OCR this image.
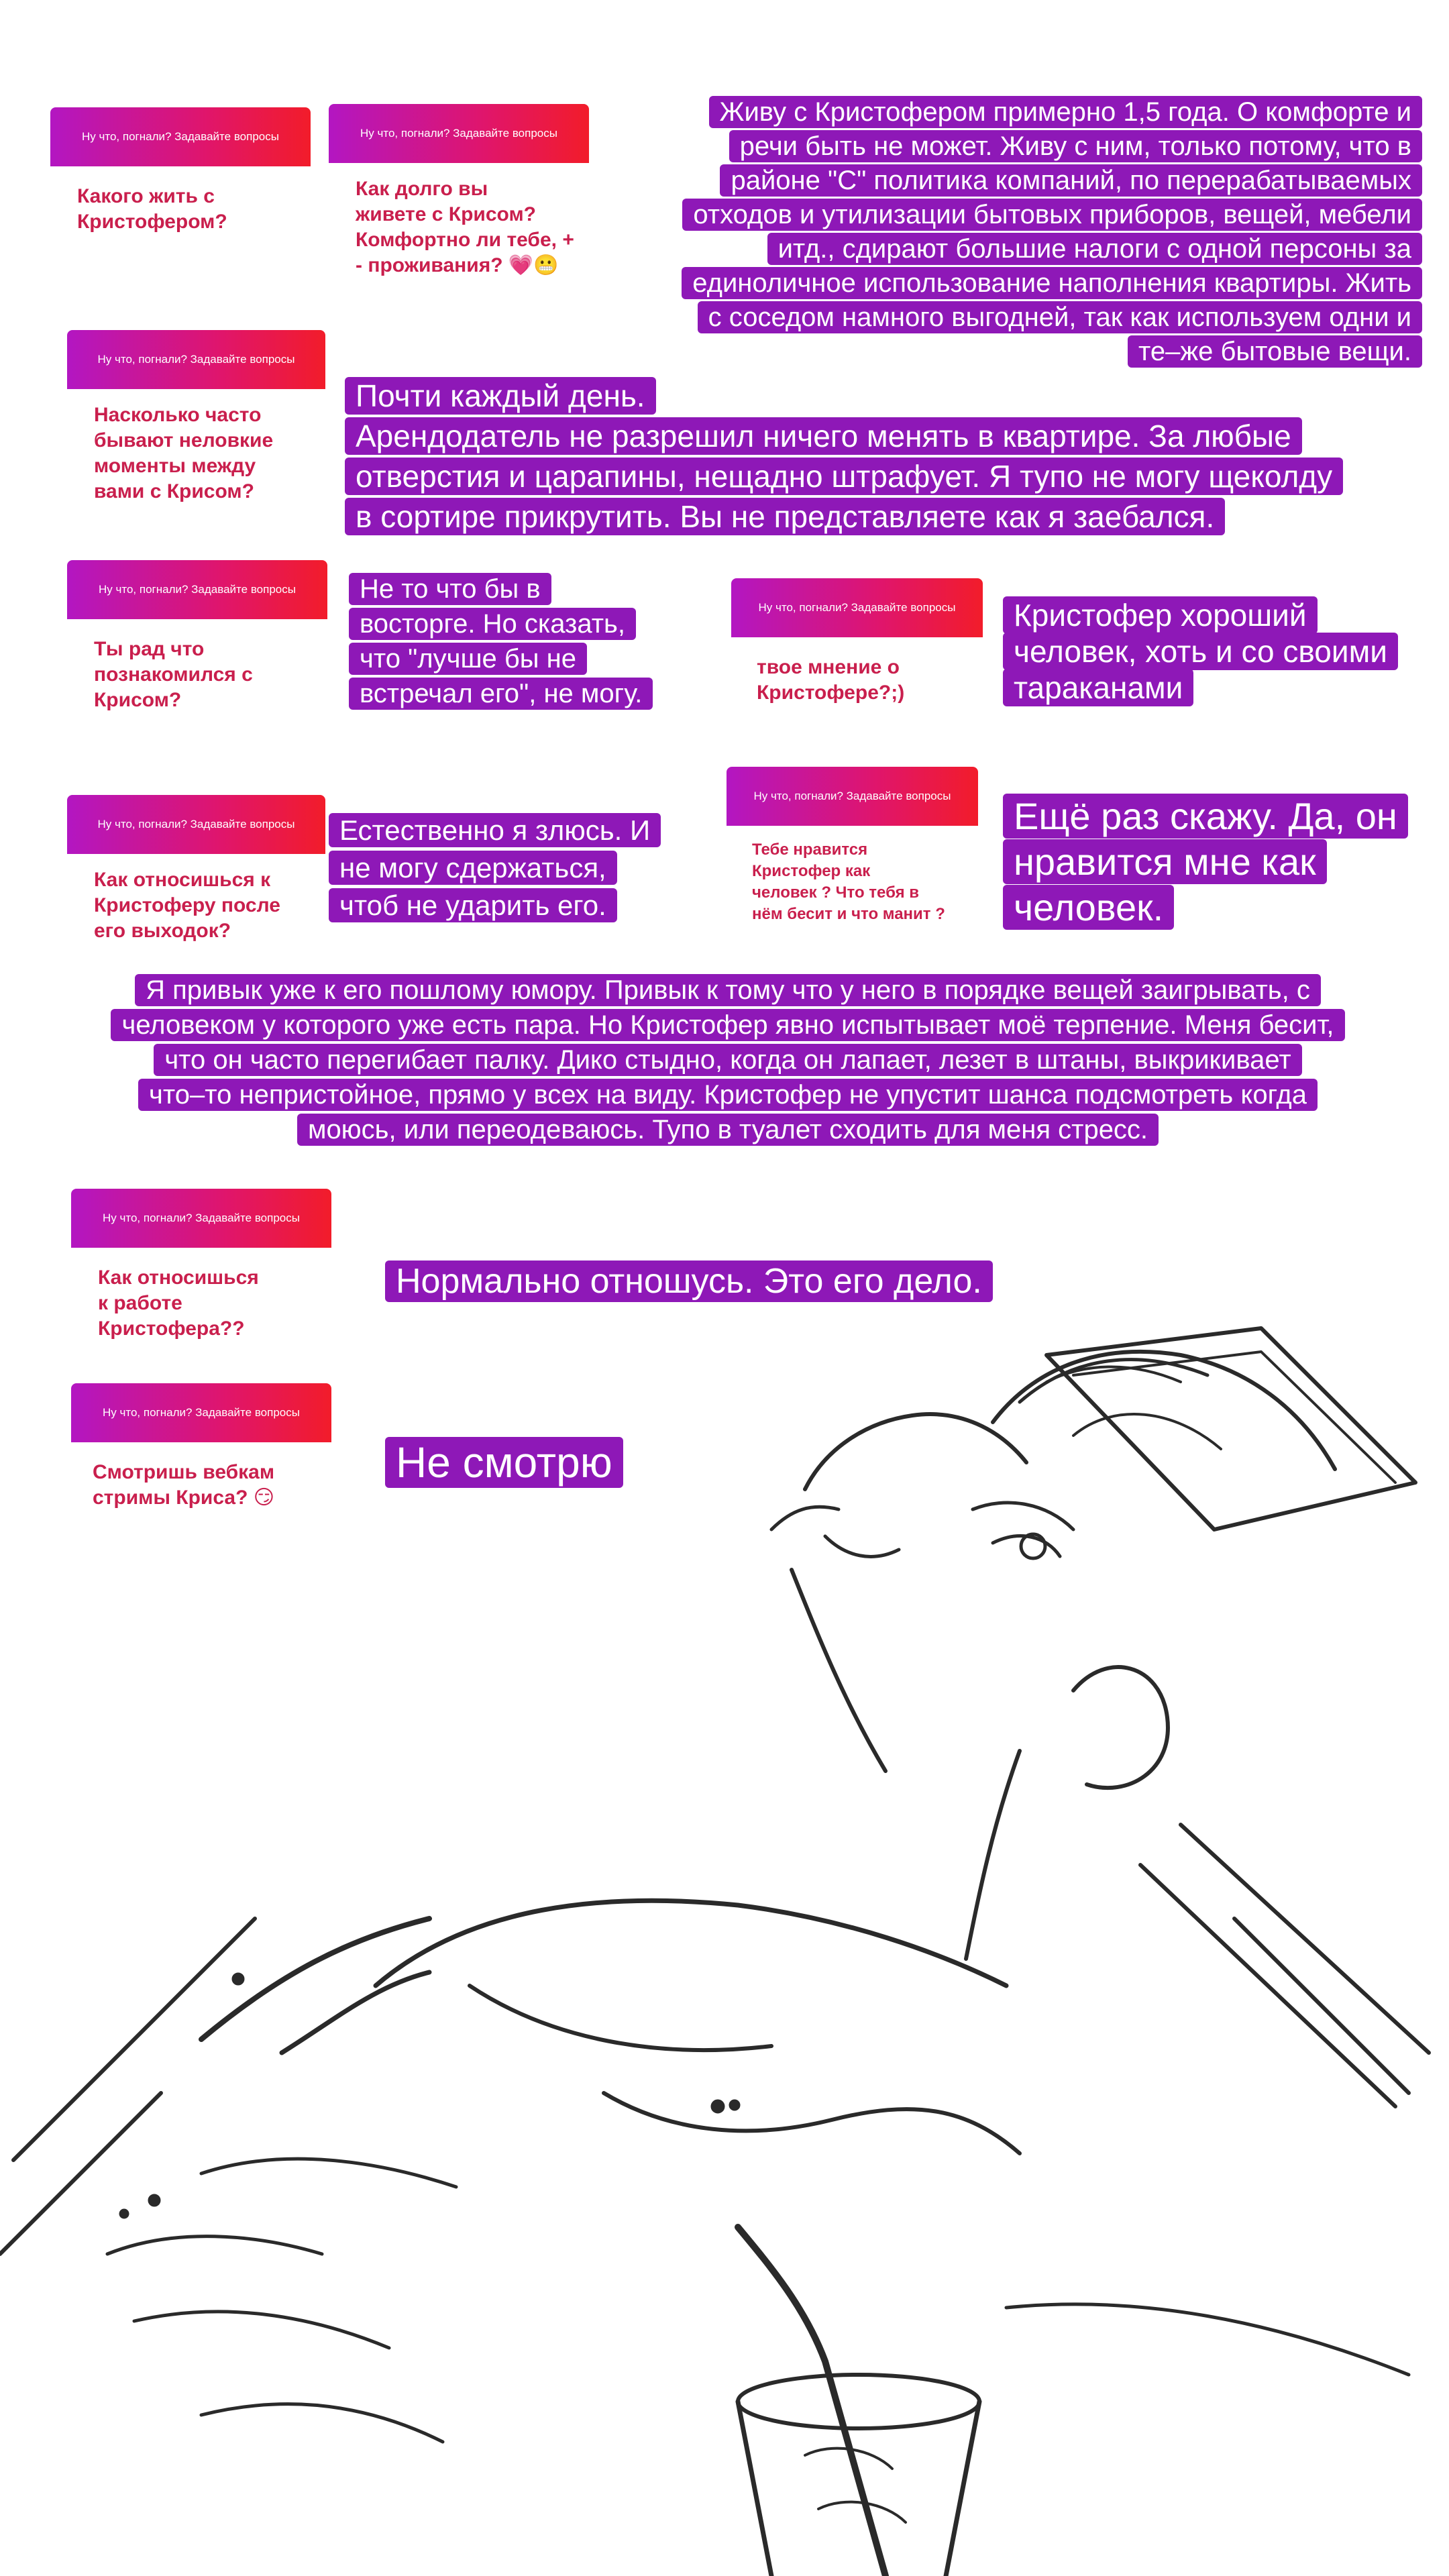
Ну что, погнали? Задавайте вопросы
Какого жить с
Кристофером?
Ну что, погнали? Задавайте вопросы
Как долго вы
живете с Крисом?
Комфортно ли тебе, +
- проживания? 💗😬
Ну что, погнали? Задавайте вопросы
Насколько часто
бывают неловкие
моменты между
вами с Крисом?
Ну что, погнали? Задавайте вопросы
Ты рад что
познакомился с
Крисом?
Ну что, погнали? Задавайте вопросы
твое мнение о
Кристофере?;)
Ну что, погнали? Задавайте вопросы
Как относишься к
Кристоферу после
его выходок?
Ну что, погнали? Задавайте вопросы
Тебе нравится
Кристофер как
человек ? Что тебя в
нём бесит и что манит ?
Ну что, погнали? Задавайте вопросы
Как относишься
к работе
Кристофера??
Ну что, погнали? Задавайте вопросы
Смотришь вебкам
стримы Криса? 😏
Живу с Кристофером примерно 1,5 года. О комфорте и
речи быть не может. Живу с ним, только потому, что в
районе "С" политика компаний, по перерабатываемых
отходов и утилизации бытовых приборов, вещей, мебели
итд., сдирают большие налоги с одной персоны за
единоличное использование наполнения квартиры. Жить
с соседом намного выгодней, так как используем одни и
те–же бытовые вещи.
Почти каждый день.
Арендодатель не разрешил ничего менять в квартире. За любые
отверстия и царапины, нещадно штрафует. Я тупо не могу щеколду
в сортире прикрутить. Вы не представляете как я заебался.
Не то что бы в
восторге. Но сказать,
что "лучше бы не
встречал его", не могу.
Кристофер хороший
человек, хоть и со своими
тараканами
Естественно я злюсь. И
не могу сдержаться,
чтоб не ударить его.
Ещё раз скажу. Да, он
нравится мне как
человек.
Я привык уже к его пошлому юмору. Привык к тому что у него в порядке вещей заигрывать, с
человеком у которого уже есть пара. Но Кристофер явно испытывает моё терпение. Меня бесит,
что он часто перегибает палку. Дико стыдно, когда он лапает, лезет в штаны, выкрикивает
что–то непристойное, прямо у всех на виду. Кристофер не упустит шанса подсмотреть когда
моюсь, или переодеваюсь. Тупо в туалет сходить для меня стресс.
Нормально отношусь. Это его дело.
Не смотрю
